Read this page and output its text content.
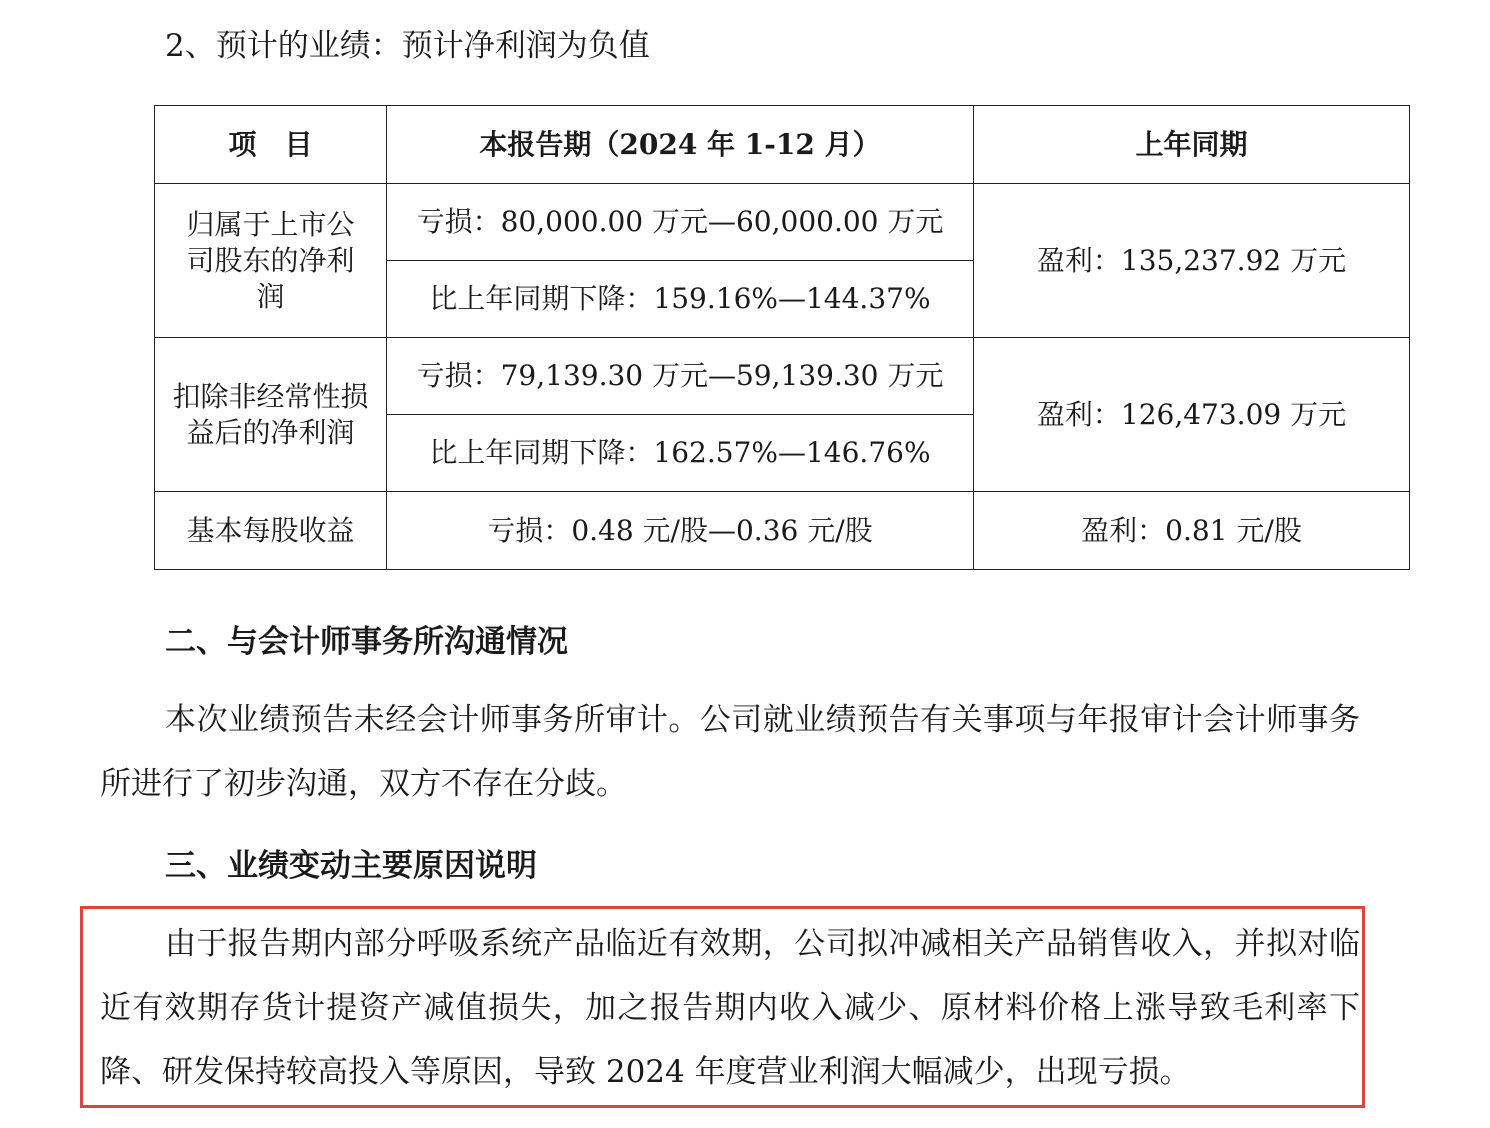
2、预计的业绩：预计净利润为负值
项　目	本报告期（2024 年 1-12 月）	上年同期
归属于上市公司股东的净利润	亏损：80,000.00 万元—60,000.00 万元	盈利：135,237.92 万元
	比上年同期下降：159.16%—144.37%	
扣除非经常性损益后的净利润	亏损：79,139.30 万元—59,139.30 万元	盈利：126,473.09 万元
	比上年同期下降：162.57%—146.76%	
基本每股收益	亏损：0.48 元/股—0.36 元/股	盈利：0.81 元/股
二、与会计师事务所沟通情况
本次业绩预告未经会计师事务所审计。公司就业绩预告有关事项与年报审计会计师事务所进行了初步沟通，双方不存在分歧。
三、业绩变动主要原因说明
由于报告期内部分呼吸系统产品临近有效期，公司拟冲减相关产品销售收入，并拟对临近有效期存货计提资产减值损失，加之报告期内收入减少、原材料价格上涨导致毛利率下降、研发保持较高投入等原因，导致 2024 年度营业利润大幅减少，出现亏损。
